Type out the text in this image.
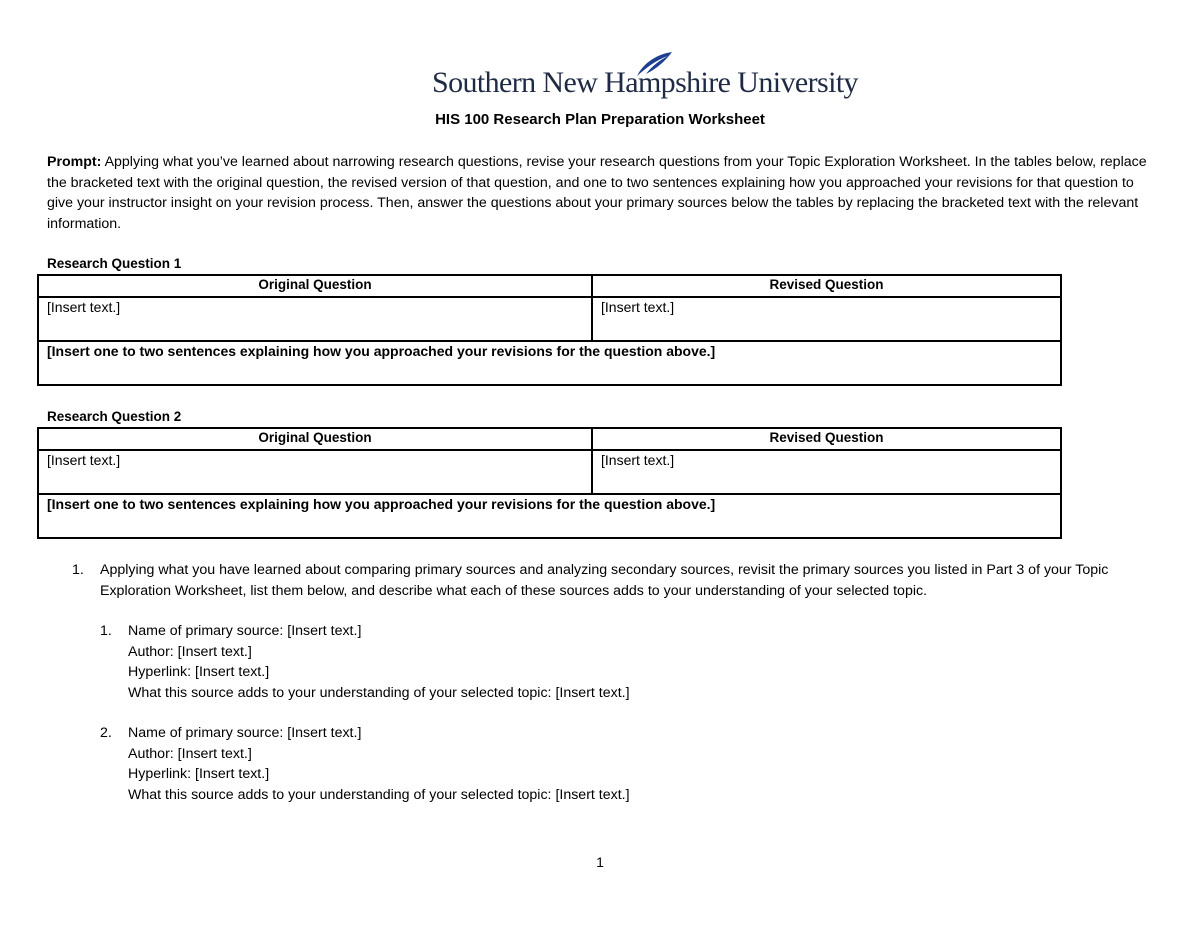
Southern New Hampshire University
HIS 100 Research Plan Preparation Worksheet
Prompt: Applying what you’ve learned about narrowing research questions, revise your research questions from your Topic Exploration Worksheet. In the tables below, replace the bracketed text with the original question, the revised version of that question, and one to two sentences explaining how you approached your revisions for that question to give your instructor insight on your revision process. Then, answer the questions about your primary sources below the tables by replacing the bracketed text with the relevant information.
Research Question 1
Original Question	Revised Question
[Insert text.]	[Insert text.]
[Insert one to two sentences explaining how you approached your revisions for the question above.]	
Research Question 2
Original Question	Revised Question
[Insert text.]	[Insert text.]
[Insert one to two sentences explaining how you approached your revisions for the question above.]	
1. Applying what you have learned about comparing primary sources and analyzing secondary sources, revisit the primary sources you listed in Part 3 of your Topic Exploration Worksheet, list them below, and describe what each of these sources adds to your understanding of your selected topic.
1. Name of primary source: [Insert text.]
Author: [Insert text.]
Hyperlink: [Insert text.]
What this source adds to your understanding of your selected topic: [Insert text.]
2. Name of primary source: [Insert text.]
Author: [Insert text.]
Hyperlink: [Insert text.]
What this source adds to your understanding of your selected topic: [Insert text.]
1
